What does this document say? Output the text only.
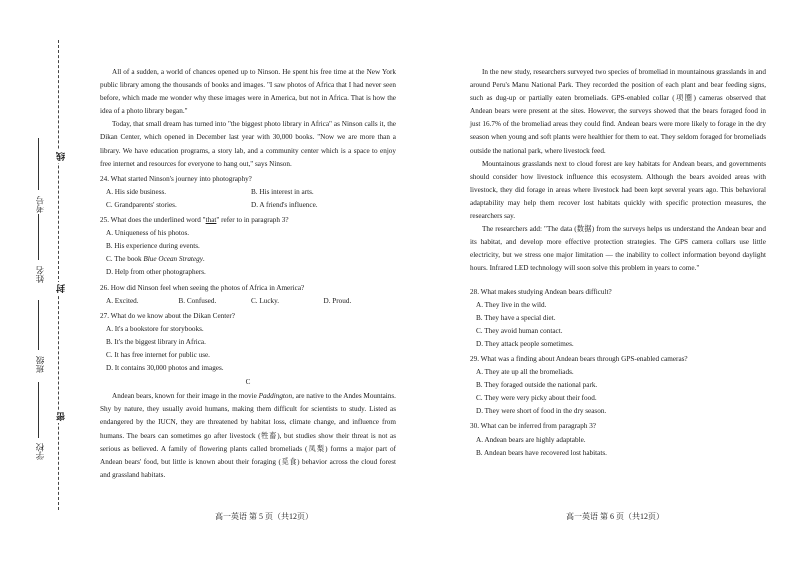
线
封
密
考号
姓名
班级
学校

All of a sudden, a world of chances opened up to Ninson. He spent his free time at the New York public library among the thousands of books and images. "I saw photos of Africa that I had never seen before, which made me wonder why these images were in America, but not in Africa. That is how the idea of a photo library began."

Today, that small dream has turned into "the biggest photo library in Africa" as Ninson calls it, the Dikan Center, which opened in December last year with 30,000 books. "Now we are more than a library. We have education programs, a story lab, and a community center which is a space to enjoy free internet and resources for everyone to hang out," says Ninson.

24. What started Ninson's journey into photography?
A. His side business.	B. His interest in arts.
C. Grandparents' stories.	D. A friend's influence.
25. What does the underlined word "that" refer to in paragraph 3?
A. Uniqueness of his photos.
B. His experience during events.
C. The book Blue Ocean Strategy.
D. Help from other photographers.
26. How did Ninson feel when seeing the photos of Africa in America?
A. Excited.	B. Confused.	C. Lucky.	D. Proud.
27. What do we know about the Dikan Center?
A. It's a bookstore for storybooks.
B. It's the biggest library in Africa.
C. It has free internet for public use.
D. It contains 30,000 photos and images.
C

Andean bears, known for their image in the movie Paddington, are native to the Andes Mountains. Shy by nature, they usually avoid humans, making them difficult for scientists to study. Listed as endangered by the IUCN, they are threatened by habitat loss, climate change, and influence from humans. The bears can sometimes go after livestock (牲畜), but studies show their threat is not as serious as believed. A family of flowering plants called bromeliads (凤梨) forms a major part of Andean bears' food, but little is known about their foraging (觅食) behavior across the cloud forest and grassland habitats.

In the new study, researchers surveyed two species of bromeliad in mountainous grasslands in and around Peru's Manu National Park. They recorded the position of each plant and bear feeding signs, such as dug-up or partially eaten bromeliads. GPS-enabled collar (项圈) cameras observed that Andean bears were present at the sites. However, the surveys showed that the bears foraged food in just 16.7% of the bromeliad areas they could find. Andean bears were more likely to forage in the dry season when young and soft plants were healthier for them to eat. They seldom foraged for bromeliads outside the national park, where livestock feed.

Mountainous grasslands next to cloud forest are key habitats for Andean bears, and governments should consider how livestock influence this ecosystem. Although the bears avoided areas with livestock, they did forage in areas where livestock had been kept several years ago. This behavioral adaptability may help them recover lost habitats quickly with specific protection measures, the researchers say.

The researchers add: "The data (数据) from the surveys helps us understand the Andean bear and its habitat, and develop more effective protection strategies. The GPS camera collars use little electricity, but we stress one major limitation — the inability to collect information beyond daylight hours. Infrared LED technology will soon solve this problem in years to come."

28. What makes studying Andean bears difficult?
A. They live in the wild.
B. They have a special diet.
C. They avoid human contact.
D. They attack people sometimes.
29. What was a finding about Andean bears through GPS-enabled cameras?
A. They ate up all the bromeliads.
B. They foraged outside the national park.
C. They were very picky about their food.
D. They were short of food in the dry season.
30. What can be inferred from paragraph 3?
A. Andean bears are highly adaptable.
B. Andean bears have recovered lost habitats.
高一英语 第 5 页（共12页）	高一英语 第 6 页（共12页）
